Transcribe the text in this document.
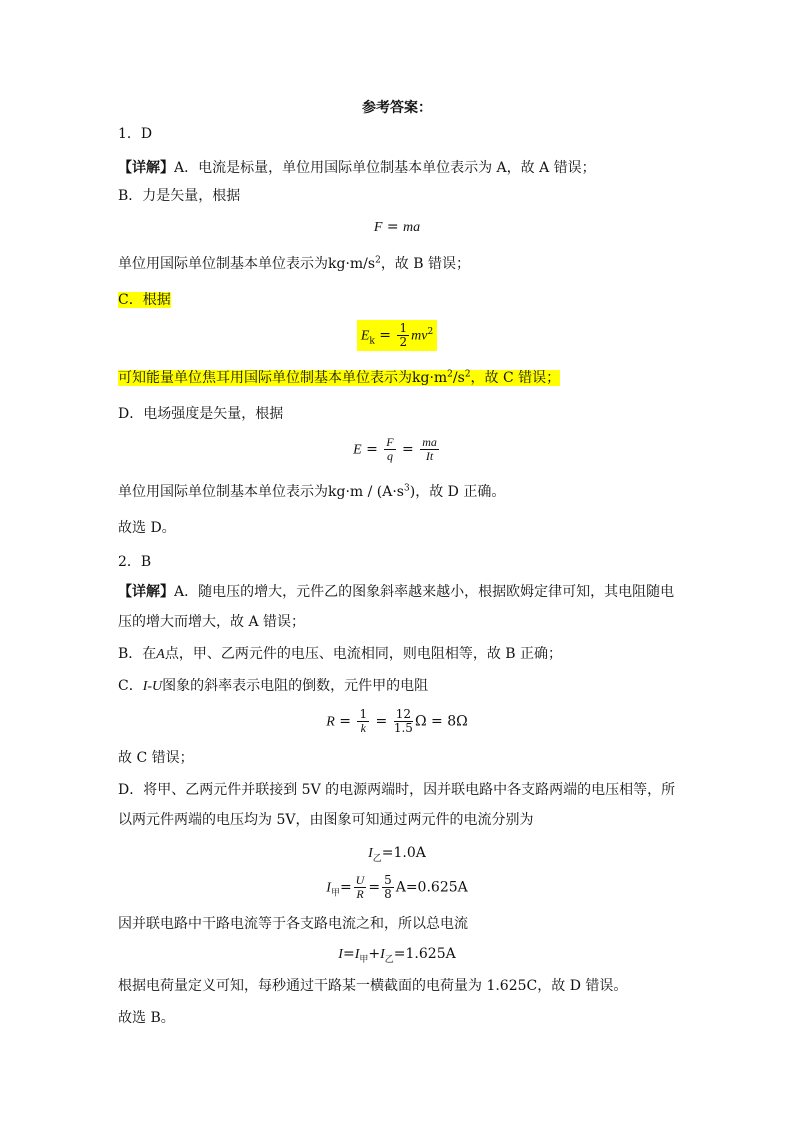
参考答案：
1．D
【详解】A．电流是标量，单位用国际单位制基本单位表示为 A，故 A 错误；
B．力是矢量，根据
F = ma
单位用国际单位制基本单位表示为$kg\cdot m/s^2$，故 B 错误；
C．根据
$E_k = \frac{1}{2} mv^2$
可知能量单位焦耳用国际单位制基本单位表示为$kg\cdot m^2/s^2$，故 C 错误；
D．电场强度是矢量，根据
$E = \frac{F}{q} = \frac{ma}{It}$
单位用国际单位制基本单位表示为$kg\cdot m / (A\cdot s^3)$，故 D 正确。
故选 D。
2．B
【详解】A．随电压的增大，元件乙的图象斜率越来越小，根据欧姆定律可知，其电阻随电
压的增大而增大，故 A 错误；
B．在A点，甲、乙两元件的电压、电流相同，则电阻相等，故 B 正确；
C．I-U图象的斜率表示电阻的倒数，元件甲的电阻
$R = \frac{1}{k} = \frac{12}{1.5}$ Ω = 8Ω
故 C 错误；
D．将甲、乙两元件并联接到 5V 的电源两端时，因并联电路中各支路两端的电压相等，所
以两元件两端的电压均为 5V，由图象可知通过两元件的电流分别为
$I_乙=1.0A$
$I_甲= \frac{U}{R} = \frac{5}{8} A=0.625A$
因并联电路中干路电流等于各支路电流之和，所以总电流
$I=I_甲+I_乙=1.625A$
根据电荷量定义可知，每秒通过干路某一横截面的电荷量为 1.625C，故 D 错误。
故选 B。
